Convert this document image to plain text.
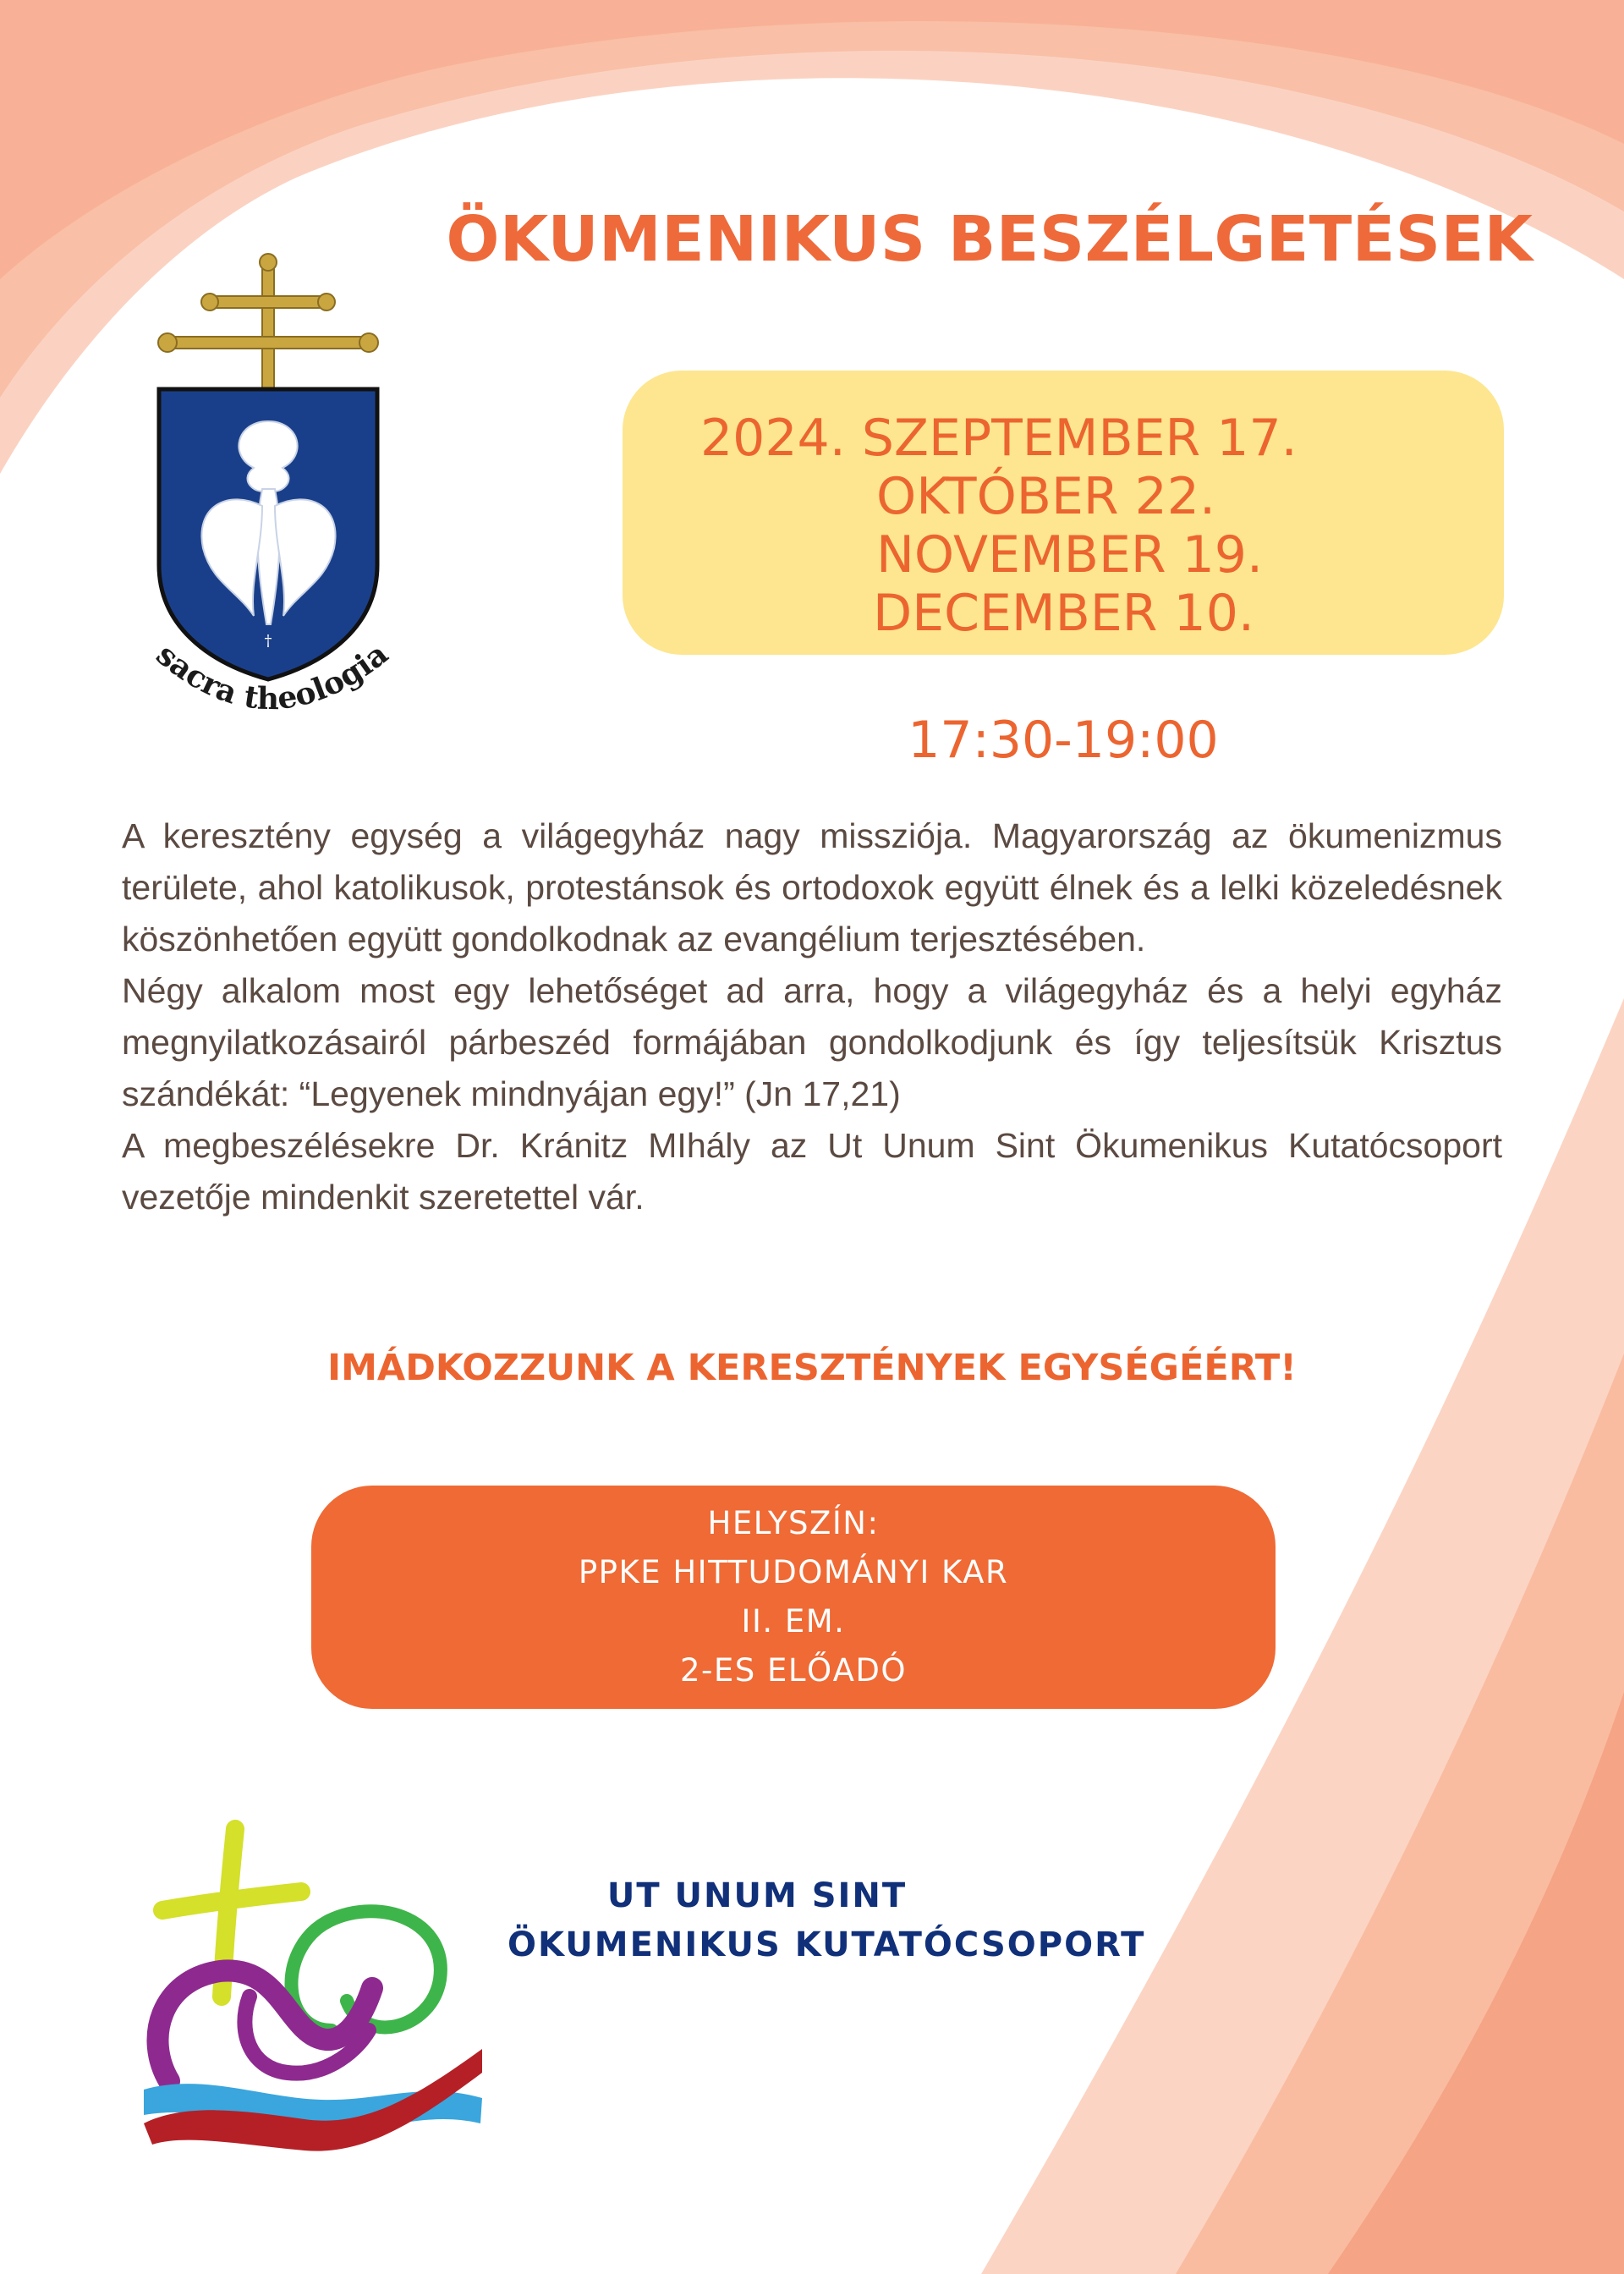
ÖKUMENIKUS BESZÉLGETÉSEK
†
sacra theologia
2024. SZEPTEMBER 17.
OKTÓBER 22.
NOVEMBER 19.
DECEMBER 10.
17:30-19:00

A keresztény egység a világegyház nagy missziója. Magyarország az ökumenizmus területe, ahol katolikusok, protestánsok és ortodoxok együtt élnek és a lelki közeledésnek köszönhetően együtt gondolkodnak az evangélium terjesztésében.

Négy alkalom most egy lehetőséget ad arra, hogy a világegyház és a helyi egyház megnyilatkozásairól párbeszéd formájában gondolkodjunk és így teljesítsük Krisztus szándékát: “Legyenek mindnyájan egy!” (Jn 17,21)

A megbeszélésekre Dr. Kránitz MIhály az Ut Unum Sint Ökumenikus Kutatócsoport vezetője mindenkit szeretettel vár.

IMÁDKOZZUNK A KERESZTÉNYEK EGYSÉGÉÉRT!
HELYSZÍN:
PPKE HITTUDOMÁNYI KAR
II. EM.
2-ES ELŐADÓ
UT UNUM SINT
ÖKUMENIKUS KUTATÓCSOPORT
